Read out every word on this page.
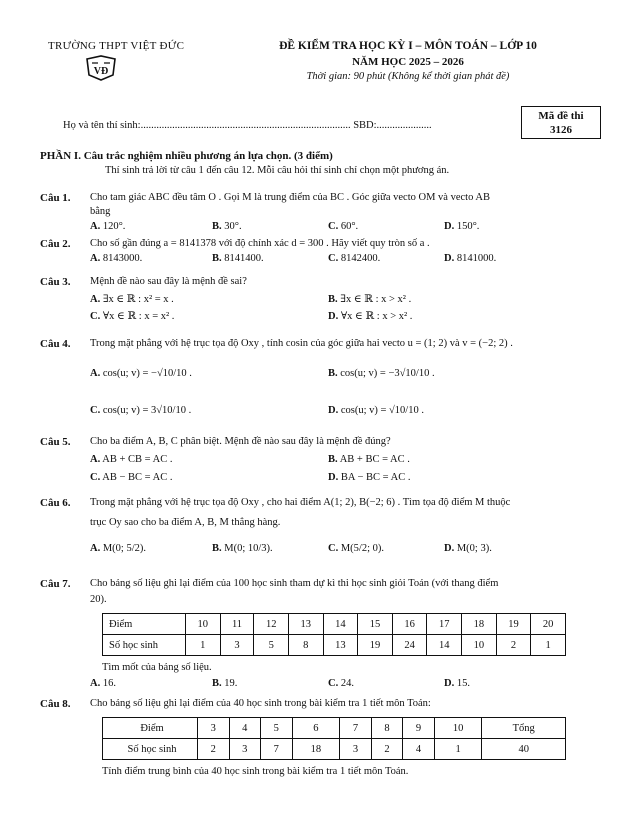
TRƯỜNG THPT VIỆT ĐỨC
VĐ
ĐỀ KIỂM TRA HỌC KỲ I – MÔN TOÁN – LỚP 10
NĂM HỌC 2025 – 2026
Thời gian: 90 phút (Không kể thời gian phát đề)
Mã đề thi
3126
Họ và tên thí sinh:................................................................................ SBD:.....................
PHẦN I. Câu trắc nghiệm nhiều phương án lựa chọn. (3 điểm)
Thí sinh trả lời từ câu 1 đến câu 12. Mỗi câu hỏi thí sinh chỉ chọn một phương án.
Câu 1.	Cho tam giác ABC đều tâm O . Gọi M là trung điểm của BC . Góc giữa vecto OM và vecto AB
bằng
A. 120°.	B. 30°.	C. 60°.	D. 150°.
Câu 2.	Cho số gần đúng a = 8141378 với độ chính xác d = 300 . Hãy viết quy tròn số a .
A. 8143000.	B. 8141400.	C. 8142400.	D. 8141000.
Câu 3.	Mệnh đề nào sau đây là mệnh đề sai?
A. ∃x ∈ ℝ : x² = x .	B. ∃x ∈ ℝ : x > x² .
C. ∀x ∈ ℝ : x = x² .	D. ∀x ∈ ℝ : x > x² .
Câu 4.	Trong mặt phẳng với hệ trục tọa độ Oxy , tính cosin của góc giữa hai vecto u = (1; 2) và v = (−2; 2) .
A. cos(u; v) = −√10/10 .	B. cos(u; v) = −3√10/10 .
C. cos(u; v) = 3√10/10 .	D. cos(u; v) = √10/10 .
Câu 5.	Cho ba điểm A, B, C phân biệt. Mệnh đề nào sau đây là mệnh đề đúng?
A. AB + CB = AC .	B. AB + BC = AC .
C. AB − BC = AC .	D. BA − BC = AC .
Câu 6.	Trong mặt phẳng với hệ trục tọa độ Oxy , cho hai điểm A(1; 2), B(−2; 6) . Tìm tọa độ điểm M thuộc
trục Oy sao cho ba điểm A, B, M thẳng hàng.
A. M(0; 5/2).	B. M(0; 10/3).	C. M(5/2; 0).	D. M(0; 3).
Câu 7.	Cho bảng số liệu ghi lại điểm của 100 học sinh tham dự kì thi học sinh giỏi Toán (với thang điểm
20).
Điểm	10	11	12	13	14	15	16	17	18	19	20
Số học sinh	1	3	5	8	13	19	24	14	10	2	1
Tìm mốt của bảng số liệu.
A. 16.	B. 19.	C. 24.	D. 15.
Câu 8.	Cho bảng số liệu ghi lại điểm của 40 học sinh trong bài kiểm tra 1 tiết môn Toán:
Điểm	3	4	5	6	7	8	9	10	Tổng
Số học sinh	2	3	7	18	3	2	4	1	40
Tính điểm trung bình của 40 học sinh trong bài kiểm tra 1 tiết môn Toán.
